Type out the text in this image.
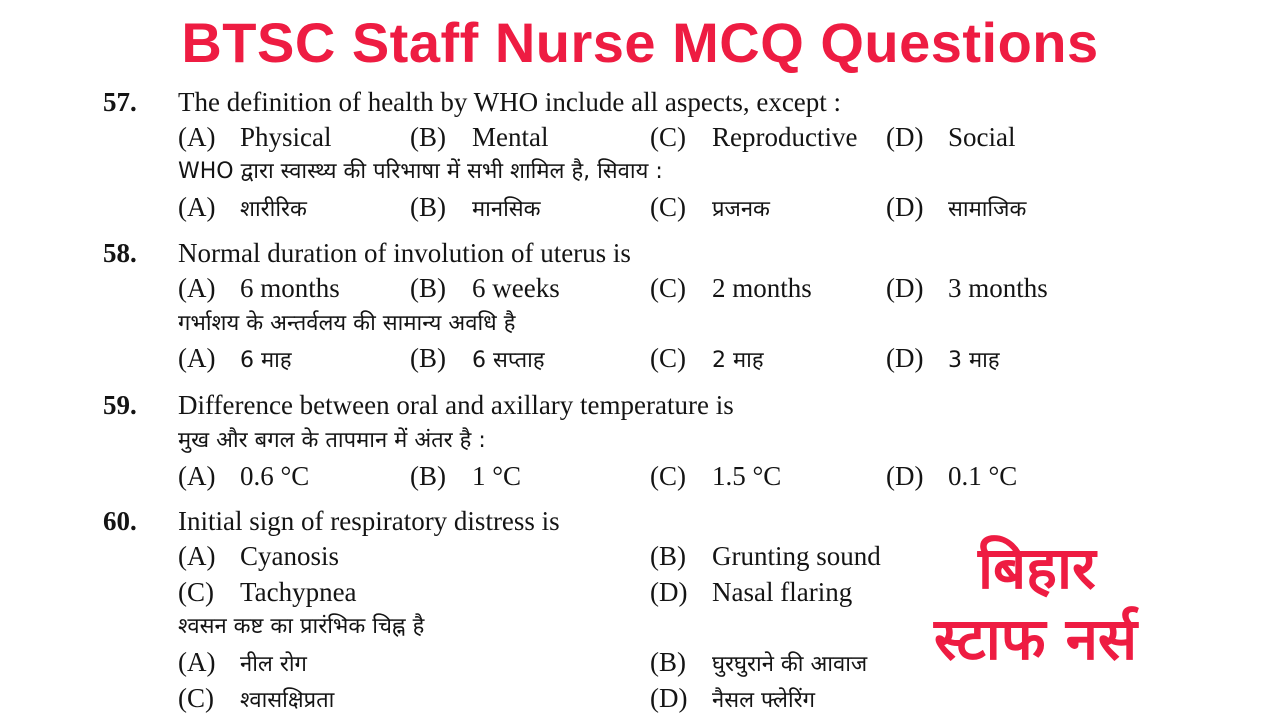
BTSC Staff Nurse MCQ Questions
57. The definition of health by WHO include all aspects, except :
(A) Physical	(B) Mental	(C) Reproductive (D) Social
WHO द्वारा स्वास्थ्य की परिभाषा में सभी शामिल है, सिवाय :
(A) शारीरिक	(B) मानसिक	(C) प्रजनक	(D) सामाजिक
58. Normal duration of involution of uterus is
(A) 6 months	(B) 6 weeks	(C) 2 months	(D) 3 months
गर्भाशय के अन्तर्वलय की सामान्य अवधि है
(A) 6 माह	(B) 6 सप्ताह	(C) 2 माह	(D) 3 माह
59. Difference between oral and axillary temperature is
मुख और बगल के तापमान में अंतर है :
(A) 0.6 °C	(B) 1 °C	(C) 1.5 °C	(D) 0.1 °C
60. Initial sign of respiratory distress is
(A) Cyanosis	(B) Grunting sound
(C) Tachypnea	(D) Nasal flaring
श्वसन कष्ट का प्रारंभिक चिह्न है
(A) नील रोग	(B) घुरघुराने की आवाज
(C) श्वासक्षिप्रता	(D) नैसल फ्लेरिंग
बिहार
स्टाफ नर्स
